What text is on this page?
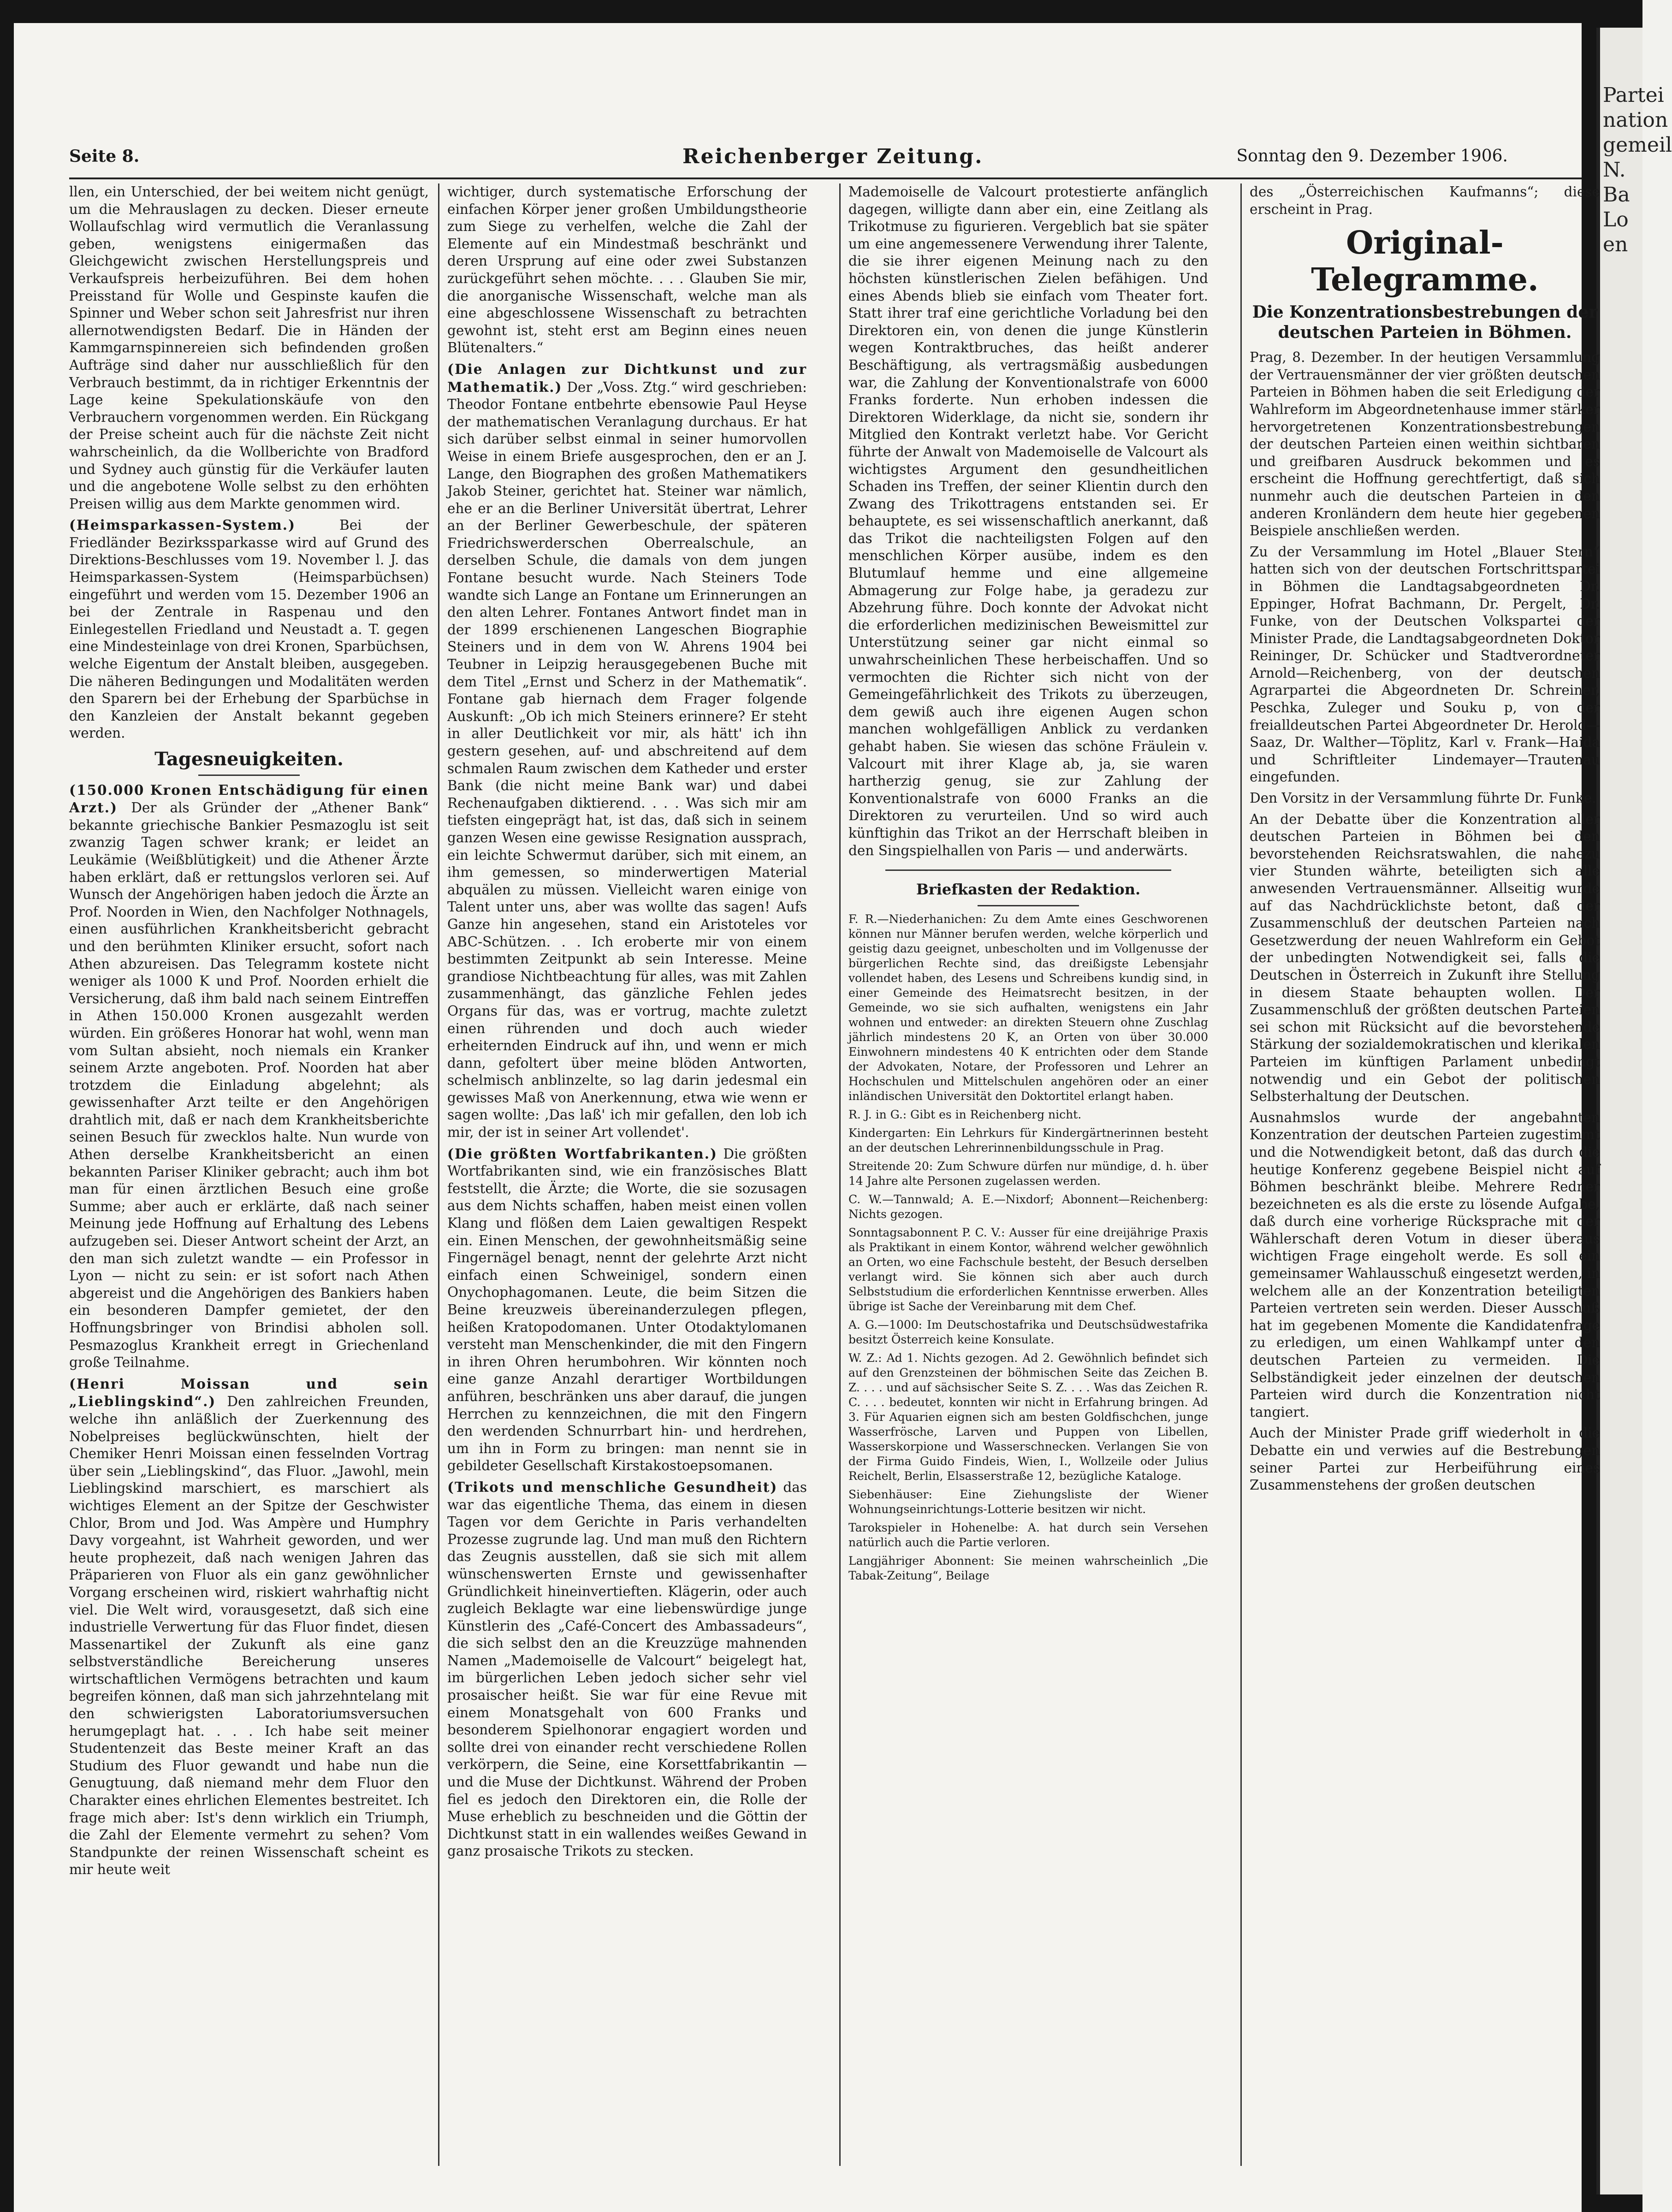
Partei
nation
gemeil
N.
Ba
Lo
en
Seite 8.	Reichenberger Zeitung.	Sonntag den 9. Dezember 1906.

llen, ein Unterschied, der bei weitem nicht genügt, um die Mehrauslagen zu decken. Dieser erneute Wollaufschlag wird vermutlich die Veranlassung geben, wenigstens einigermaßen das Gleichgewicht zwischen Herstellungspreis und Verkaufspreis herbeizuführen. Bei dem hohen Preisstand für Wolle und Gespinste kaufen die Spinner und Weber schon seit Jahresfrist nur ihren allernotwendigsten Bedarf. Die in Händen der Kammgarnspinnereien sich befindenden großen Aufträge sind daher nur ausschließlich für den Verbrauch bestimmt, da in richtiger Erkenntnis der Lage keine Spekulationskäufe von den Verbrauchern vorgenommen werden. Ein Rückgang der Preise scheint auch für die nächste Zeit nicht wahrscheinlich, da die Wollberichte von Bradford und Sydney auch günstig für die Verkäufer lauten und die angebotene Wolle selbst zu den erhöhten Preisen willig aus dem Markte genommen wird.

(Heimsparkassen-System.)	Bei der Friedländer Bezirkssparkasse wird auf Grund des Direktions-Beschlusses vom 19. November l. J. das Heimsparkassen-System (Heimsparbüchsen) eingeführt und werden vom 15. Dezember 1906 an bei der Zentrale in Raspenau und den Einlegestellen Friedland und Neustadt a. T. gegen eine Mindesteinlage von drei Kronen, Sparbüchsen, welche Eigentum der Anstalt bleiben, ausgegeben. Die näheren Bedingungen und Modalitäten werden den Sparern bei der Erhebung der Sparbüchse in den Kanzleien der Anstalt bekannt gegeben werden.

Tagesneuigkeiten.

(150.000 Kronen Entschädigung für einen Arzt.) Der als Gründer der „Athener Bank“ bekannte griechische Bankier Pesmazoglu ist seit zwanzig Tagen schwer krank; er leidet an Leukämie (Weißblütigkeit) und die Athener Ärzte haben erklärt, daß er rettungslos verloren sei. Auf Wunsch der Angehörigen haben jedoch die Ärzte an Prof. Noorden in Wien, den Nachfolger Nothnagels, einen ausführlichen Krankheitsbericht gebracht und den berühmten Kliniker ersucht, sofort nach Athen abzureisen. Das Telegramm kostete nicht weniger als 1000 K und Prof. Noorden erhielt die Versicherung, daß ihm bald nach seinem Eintreffen in Athen 150.000 Kronen ausgezahlt werden würden. Ein größeres Honorar hat wohl, wenn man vom Sultan absieht, noch niemals ein Kranker seinem Arzte angeboten. Prof. Noorden hat aber trotzdem die Einladung abgelehnt; als gewissenhafter Arzt teilte er den Angehörigen drahtlich mit, daß er nach dem Krankheitsberichte seinen Besuch für zwecklos halte. Nun wurde von Athen derselbe Krankheitsbericht an einen bekannten Pariser Kliniker gebracht; auch ihm bot man für einen ärztlichen Besuch eine große Summe; aber auch er erklärte, daß nach seiner Meinung jede Hoffnung auf Erhaltung des Lebens aufzugeben sei. Dieser Antwort scheint der Arzt, an den man sich zuletzt wandte — ein Professor in Lyon — nicht zu sein: er ist sofort nach Athen abgereist und die Angehörigen des Bankiers haben ein besonderen Dampfer gemietet, der den Hoffnungsbringer von Brindisi abholen soll. Pesmazoglus Krankheit erregt in Griechenland große Teilnahme.

(Henri Moissan und sein „Lieblingskind“.) Den zahlreichen Freunden, welche ihn anläßlich der Zuerkennung des Nobelpreises beglückwünschten, hielt der Chemiker Henri Moissan einen fesselnden Vortrag über sein „Lieblingskind“, das Fluor. „Jawohl, mein Lieblingskind marschiert, es marschiert als wichtiges Element an der Spitze der Geschwister Chlor, Brom und Jod. Was Ampère und Humphry Davy vorgeahnt, ist Wahrheit geworden, und wer heute prophezeit, daß nach wenigen Jahren das Präparieren von Fluor als ein ganz gewöhnlicher Vorgang erscheinen wird, riskiert wahrhaftig nicht viel. Die Welt wird, vorausgesetzt, daß sich eine industrielle Verwertung für das Fluor findet, diesen Massenartikel der Zukunft als eine ganz selbstverständliche Bereicherung unseres wirtschaftlichen Vermögens betrachten und kaum begreifen können, daß man sich jahrzehntelang mit den schwierigsten Laboratoriumsversuchen herumgeplagt hat. . . . Ich habe seit meiner Studentenzeit das Beste meiner Kraft an das Studium des Fluor gewandt und habe nun die Genugtuung, daß niemand mehr dem Fluor den Charakter eines ehrlichen Elementes bestreitet. Ich frage mich aber: Ist's denn wirklich ein Triumph, die Zahl der Elemente vermehrt zu sehen? Vom Standpunkte der reinen Wissenschaft scheint es mir heute weit

wichtiger, durch systematische Erforschung der einfachen Körper jener großen Umbildungstheorie zum Siege zu verhelfen, welche die Zahl der Elemente auf ein Mindestmaß beschränkt und deren Ursprung auf eine oder zwei Substanzen zurückgeführt sehen möchte. . . . Glauben Sie mir, die anorganische Wissenschaft, welche man als eine abgeschlossene Wissenschaft zu betrachten gewohnt ist, steht erst am Beginn eines neuen Blütenalters.“

(Die Anlagen zur Dichtkunst und zur Mathematik.) Der „Voss. Ztg.“ wird geschrieben: Theodor Fontane entbehrte ebensowie Paul Heyse der mathematischen Veranlagung durchaus. Er hat sich darüber selbst einmal in seiner humorvollen Weise in einem Briefe ausgesprochen, den er an J. Lange, den Biographen des großen Mathematikers Jakob Steiner, gerichtet hat. Steiner war nämlich, ehe er an die Berliner Universität übertrat, Lehrer an der Berliner Gewerbeschule, der späteren Friedrichswerderschen Oberrealschule, an derselben Schule, die damals von dem jungen Fontane besucht wurde. Nach Steiners Tode wandte sich Lange an Fontane um Erinnerungen an den alten Lehrer. Fontanes Antwort findet man in der 1899 erschienenen Langeschen Biographie Steiners und in dem von W. Ahrens 1904 bei Teubner in Leipzig herausgegebenen Buche mit dem Titel „Ernst und Scherz in der Mathematik“. Fontane gab hiernach dem Frager folgende Auskunft: „Ob ich mich Steiners erinnere? Er steht in aller Deutlichkeit vor mir, als hätt' ich ihn gestern gesehen, auf- und abschreitend auf dem schmalen Raum zwischen dem Katheder und erster Bank (die nicht meine Bank war) und dabei Rechenaufgaben diktierend. . . . Was sich mir am tiefsten eingeprägt hat, ist das, daß sich in seinem ganzen Wesen eine gewisse Resignation aussprach, ein leichte Schwermut darüber, sich mit einem, an ihm gemessen, so minderwertigen Material abquälen zu müssen. Vielleicht waren einige von Talent unter uns, aber was wollte das sagen! Aufs Ganze hin angesehen, stand ein Aristoteles vor ABC-Schützen. . . Ich eroberte mir von einem bestimmten Zeitpunkt ab sein Interesse. Meine grandiose Nichtbeachtung für alles, was mit Zahlen zusammenhängt, das gänzliche Fehlen jedes Organs für das, was er vortrug, machte zuletzt einen rührenden und doch auch wieder erheiternden Eindruck auf ihn, und wenn er mich dann, gefoltert über meine blöden Antworten, schelmisch anblinzelte, so lag darin jedesmal ein gewisses Maß von Anerkennung, etwa wie wenn er sagen wollte: ‚Das laß' ich mir gefallen, den lob ich mir, der ist in seiner Art vollendet'.

(Die größten Wortfabrikanten.) Die größten Wortfabrikanten sind, wie ein französisches Blatt feststellt, die Ärzte; die Worte, die sie sozusagen aus dem Nichts schaffen, haben meist einen vollen Klang und flößen dem Laien gewaltigen Respekt ein. Einen Menschen, der gewohnheitsmäßig seine Fingernägel benagt, nennt der gelehrte Arzt nicht einfach einen Schweinigel, sondern einen Onychophagomanen. Leute, die beim Sitzen die Beine kreuzweis übereinanderzulegen pflegen, heißen Kratopodomanen. Unter Otodaktylomanen versteht man Menschenkinder, die mit den Fingern in ihren Ohren herumbohren. Wir könnten noch eine ganze Anzahl derartiger Wortbildungen anführen, beschränken uns aber darauf, die jungen Herrchen zu kennzeichnen, die mit den Fingern den werdenden Schnurrbart hin- und herdrehen, um ihn in Form zu bringen: man nennt sie in gebildeter Gesellschaft Kirstakostoepsomanen.

(Trikots und menschliche Gesundheit) das war das eigentliche Thema, das einem in diesen Tagen vor dem Gerichte in Paris verhandelten Prozesse zugrunde lag. Und man muß den Richtern das Zeugnis ausstellen, daß sie sich mit allem wünschenswerten Ernste und gewissenhafter Gründlichkeit hineinvertieften. Klägerin, oder auch zugleich Beklagte war eine liebenswürdige junge Künstlerin des „Café-Concert des Ambassadeurs“, die sich selbst den an die Kreuzzüge mahnenden Namen „Mademoiselle de Valcourt“ beigelegt hat, im bürgerlichen Leben jedoch sicher sehr viel prosaischer heißt. Sie war für eine Revue mit einem Monatsgehalt von 600 Franks und besonderem Spielhonorar engagiert worden und sollte drei von einander recht verschiedene Rollen verkörpern, die Seine, eine Korsettfabrikantin — und die Muse der Dichtkunst. Während der Proben fiel es jedoch den Direktoren ein, die Rolle der Muse erheblich zu beschneiden und die Göttin der Dichtkunst statt in ein wallendes weißes Gewand in ganz prosaische Trikots zu stecken.

Mademoiselle de Valcourt protestierte anfänglich dagegen, willigte dann aber ein, eine Zeitlang als Trikotmuse zu figurieren. Vergeblich bat sie später um eine angemessenere Verwendung ihrer Talente, die sie ihrer eigenen Meinung nach zu den höchsten künstlerischen Zielen befähigen. Und eines Abends blieb sie einfach vom Theater fort. Statt ihrer traf eine gerichtliche Vorladung bei den Direktoren ein, von denen die junge Künstlerin wegen Kontraktbruches, das heißt anderer Beschäftigung, als vertragsmäßig ausbedungen war, die Zahlung der Konventionalstrafe von 6000 Franks forderte. Nun erhoben indessen die Direktoren Widerklage, da nicht sie, sondern ihr Mitglied den Kontrakt verletzt habe. Vor Gericht führte der Anwalt von Mademoiselle de Valcourt als wichtigstes Argument den gesundheitlichen Schaden ins Treffen, der seiner Klientin durch den Zwang des Trikottragens entstanden sei. Er behauptete, es sei wissenschaftlich anerkannt, daß das Trikot die nachteiligsten Folgen auf den menschlichen Körper ausübe, indem es den Blutumlauf hemme und eine allgemeine Abmagerung zur Folge habe, ja geradezu zur Abzehrung führe. Doch konnte der Advokat nicht die erforderlichen medizinischen Beweismittel zur Unterstützung seiner gar nicht einmal so unwahrscheinlichen These herbeischaffen. Und so vermochten die Richter sich nicht von der Gemeingefährlichkeit des Trikots zu überzeugen, dem gewiß auch ihre eigenen Augen schon manchen wohlgefälligen Anblick zu verdanken gehabt haben. Sie wiesen das schöne Fräulein v. Valcourt mit ihrer Klage ab, ja, sie waren hartherzig genug, sie zur Zahlung der Konventionalstrafe von 6000 Franks an die Direktoren zu verurteilen. Und so wird auch künftighin das Trikot an der Herrschaft bleiben in den Singspielhallen von Paris — und anderwärts.

Briefkasten der Redaktion.

F. R.—Niederhanichen: Zu dem Amte eines Geschworenen können nur Männer berufen werden, welche körperlich und geistig dazu geeignet, unbescholten und im Vollgenusse der bürgerlichen Rechte sind, das dreißigste Lebensjahr vollendet haben, des Lesens und Schreibens kundig sind, in einer Gemeinde des Heimatsrecht besitzen, in der Gemeinde, wo sie sich aufhalten, wenigstens ein Jahr wohnen und entweder: an direkten Steuern ohne Zuschlag jährlich mindestens 20 K, an Orten von über 30.000 Einwohnern mindestens 40 K entrichten oder dem Stande der Advokaten, Notare, der Professoren und Lehrer an Hochschulen und Mittelschulen angehören oder an einer inländischen Universität den Doktortitel erlangt haben.

R. J. in G.: Gibt es in Reichenberg nicht.

Kindergarten: Ein Lehrkurs für Kindergärtnerinnen besteht an der deutschen Lehrerinnenbildungsschule in Prag.

Streitende 20: Zum Schwure dürfen nur mündige, d. h. über 14 Jahre alte Personen zugelassen werden.

C. W.—Tannwald; A. E.—Nixdorf; Abonnent—Reichenberg: Nichts gezogen.

Sonntagsabonnent P. C. V.: Ausser für eine dreijährige Praxis als Praktikant in einem Kontor, während welcher gewöhnlich an Orten, wo eine Fachschule besteht, der Besuch derselben verlangt wird. Sie können sich aber auch durch Selbststudium die erforderlichen Kenntnisse erwerben. Alles übrige ist Sache der Vereinbarung mit dem Chef.

A. G.—1000: Im Deutschostafrika und Deutschsüdwestafrika besitzt Österreich keine Konsulate.

W. Z.: Ad 1. Nichts gezogen. Ad 2. Gewöhnlich befindet sich auf den Grenzsteinen der böhmischen Seite das Zeichen B. Z. . . . und auf sächsischer Seite S. Z. . . . Was das Zeichen R. C. . . . bedeutet, konnten wir nicht in Erfahrung bringen. Ad 3. Für Aquarien eignen sich am besten Goldfischchen, junge Wasserfrösche, Larven und Puppen von Libellen, Wasserskorpione und Wasserschnecken. Verlangen Sie von der Firma Guido Findeis, Wien, I., Wollzeile oder Julius Reichelt, Berlin, Elsasserstraße 12, bezügliche Kataloge.

Siebenhäuser: Eine Ziehungsliste der Wiener Wohnungseinrichtungs-Lotterie besitzen wir nicht.

Tarokspieler in Hohenelbe: A. hat durch sein Versehen natürlich auch die Partie verloren.

Langjähriger Abonnent: Sie meinen wahrscheinlich „Die Tabak-Zeitung“, Beilage

des „Österreichischen Kaufmanns“; diese erscheint in Prag.

Original-Telegramme.
Die Konzentrationsbestrebungen der deutschen Parteien in Böhmen.

Prag, 8. Dezember. In der heutigen Versammlung der Vertrauensmänner der vier größten deutschen Parteien in Böhmen haben die seit Erledigung der Wahlreform im Abgeordnetenhause immer stärker hervorgetretenen Konzentrationsbestrebungen der deutschen Parteien einen weithin sichtbaren und greifbaren Ausdruck bekommen und es erscheint die Hoffnung gerechtfertigt, daß sich nunmehr auch die deutschen Parteien in den anderen Kronländern dem heute hier gegebenen Beispiele anschließen werden.

Zu der Versammlung im Hotel „Blauer Stern“ hatten sich von der deutschen Fortschrittspartei in Böhmen die Landtagsabgeordneten Dr. Eppinger, Hofrat Bachmann, Dr. Pergelt, Dr. Funke, von der Deutschen Volkspartei der Minister Prade, die Landtagsabgeordneten Doktor Reininger, Dr. Schücker und Stadtverordneter Arnold—Reichenberg, von der deutschen Agrarpartei die Abgeordneten Dr. Schreiner, Peschka, Zuleger und Souku p, von der freialldeutschen Partei Abgeordneter Dr. Herold—Saaz, Dr. Walther—Töplitz, Karl v. Frank—Haida und Schriftleiter Lindemayer—Trautenau eingefunden.

Den Vorsitz in der Versammlung führte Dr. Funke.

An der Debatte über die Konzentration aller deutschen Parteien in Böhmen bei den bevorstehenden Reichsratswahlen, die nahezu vier Stunden währte, beteiligten sich alle anwesenden Vertrauensmänner. Allseitig wurde auf das Nachdrücklichste betont, daß der Zusammenschluß der deutschen Parteien nach Gesetzwerdung der neuen Wahlreform ein Gebot der unbedingten Notwendigkeit sei, falls die Deutschen in Österreich in Zukunft ihre Stellung in diesem Staate behaupten wollen. Der Zusammenschluß der größten deutschen Parteien sei schon mit Rücksicht auf die bevorstehende Stärkung der sozialdemokratischen und klerikalen Parteien im künftigen Parlament unbedingt notwendig und ein Gebot der politischen Selbsterhaltung der Deutschen.

Ausnahmslos wurde der angebahnten Konzentration der deutschen Parteien zugestimmt und die Notwendigkeit betont, daß das durch die heutige Konferenz gegebene Beispiel nicht auf Böhmen beschränkt bleibe. Mehrere Redner bezeichneten es als die erste zu lösende Aufgabe, daß durch eine vorherige Rücksprache mit der Wählerschaft deren Votum in dieser überaus wichtigen Frage eingeholt werde. Es soll ein gemeinsamer Wahlausschuß eingesetzt werden, in welchem alle an der Konzentration beteiligten Parteien vertreten sein werden. Dieser Ausschuß hat im gegebenen Momente die Kandidatenfrage zu erledigen, um einen Wahlkampf unter den deutschen Parteien zu vermeiden. Die Selbständigkeit jeder einzelnen der deutschen Parteien wird durch die Konzentration nicht tangiert.

Auch der Minister Prade griff wiederholt in die Debatte ein und verwies auf die Bestrebungen seiner Partei zur Herbeiführung eines Zusammenstehens der großen deutschen
